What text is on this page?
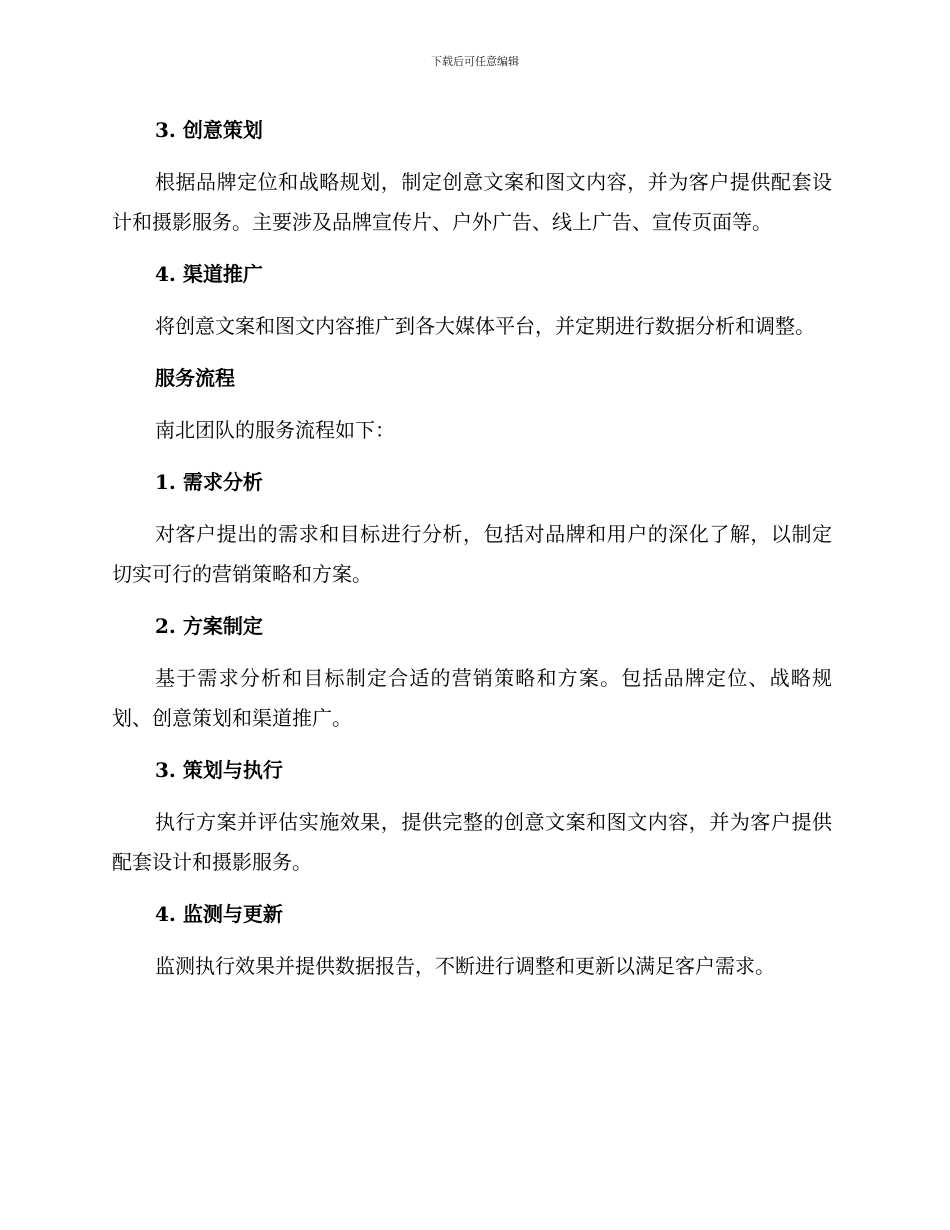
下载后可任意编辑

3. 创意策划

根据品牌定位和战略规划，制定创意文案和图文内容，并为客户提供配套设计和摄影服务。主要涉及品牌宣传片、户外广告、线上广告、宣传页面等。

4. 渠道推广

将创意文案和图文内容推广到各大媒体平台，并定期进行数据分析和调整。

服务流程

南北团队的服务流程如下：

1. 需求分析

对客户提出的需求和目标进行分析，包括对品牌和用户的深化了解，以制定切实可行的营销策略和方案。

2. 方案制定

基于需求分析和目标制定合适的营销策略和方案。包括品牌定位、战略规划、创意策划和渠道推广。

3. 策划与执行

执行方案并评估实施效果，提供完整的创意文案和图文内容，并为客户提供配套设计和摄影服务。

4. 监测与更新

监测执行效果并提供数据报告，不断进行调整和更新以满足客户需求。
